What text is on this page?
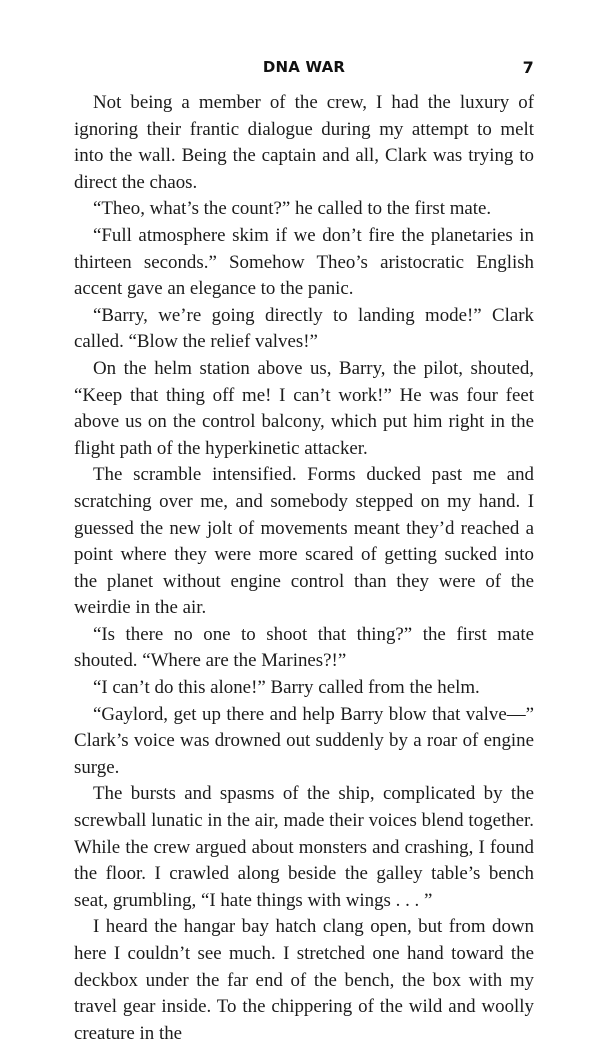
DNA WAR	7

Not being a member of the crew, I had the luxury of ignoring their frantic dialogue during my attempt to melt into the wall. Being the captain and all, Clark was trying to direct the chaos.

“Theo, what’s the count?” he called to the first mate.

“Full atmosphere skim if we don’t fire the planetaries in thirteen seconds.” Somehow Theo’s aristocratic English accent gave an elegance to the panic.

“Barry, we’re going directly to landing mode!” Clark called. “Blow the relief valves!”

On the helm station above us, Barry, the pilot, shouted, “Keep that thing off me! I can’t work!” He was four feet above us on the control balcony, which put him right in the flight path of the hyperkinetic attacker.

The scramble intensified. Forms ducked past me and scratching over me, and somebody stepped on my hand. I guessed the new jolt of movements meant they’d reached a point where they were more scared of getting sucked into the planet without engine control than they were of the weirdie in the air.

“Is there no one to shoot that thing?” the first mate shouted. “Where are the Marines?!”

“I can’t do this alone!” Barry called from the helm.

“Gaylord, get up there and help Barry blow that valve—” Clark’s voice was drowned out suddenly by a roar of engine surge.

The bursts and spasms of the ship, complicated by the screwball lunatic in the air, made their voices blend together. While the crew argued about monsters and crashing, I found the floor. I crawled along beside the galley table’s bench seat, grumbling, “I hate things with wings . . . ”

I heard the hangar bay hatch clang open, but from down here I couldn’t see much. I stretched one hand toward the deckbox under the far end of the bench, the box with my travel gear inside. To the chippering of the wild and woolly creature in the
